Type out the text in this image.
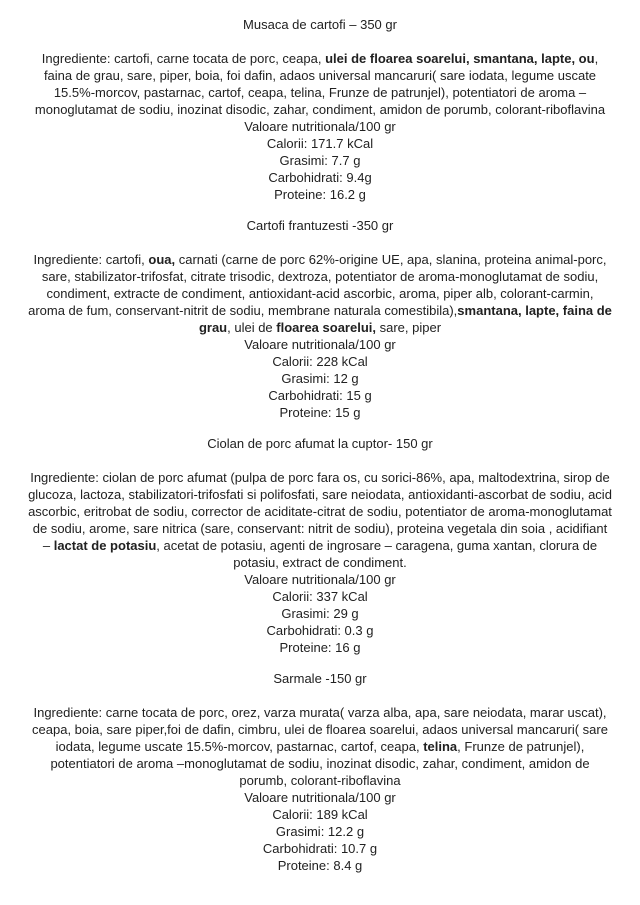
Musaca de cartofi – 350 gr

Ingrediente: cartofi, carne tocata de porc, ceapa, ulei de floarea soarelui, smantana, lapte, ou, faina de grau, sare, piper, boia, foi dafin, adaos universal mancaruri( sare iodata, legume uscate 15.5%-morcov, pastarnac, cartof, ceapa, telina, Frunze de patrunjel), potentiatori de aroma – monoglutamat de sodiu, inozinat disodic, zahar, condiment, amidon de porumb, colorant-riboflavina

Valoare nutritionala/100 gr

Calorii: 171.7 kCal

Grasimi: 7.7 g

Carbohidrati: 9.4g

Proteine: 16.2 g

Cartofi frantuzesti -350 gr

Ingrediente: cartofi, oua, carnati (carne de porc 62%-origine UE, apa, slanina, proteina animal-porc, sare, stabilizator-trifosfat, citrate trisodic, dextroza, potentiator de aroma-monoglutamat de sodiu, condiment, extracte de condiment, antioxidant-acid ascorbic, aroma, piper alb, colorant-carmin, aroma de fum, conservant-nitrit de sodiu, membrane naturala comestibila),smantana, lapte, faina de grau, ulei de floarea soarelui, sare, piper

Valoare nutritionala/100 gr

Calorii: 228 kCal

Grasimi: 12 g

Carbohidrati: 15 g

Proteine: 15 g

Ciolan de porc afumat la cuptor- 150 gr

Ingrediente: ciolan de porc afumat (pulpa de porc fara os, cu sorici-86%, apa, maltodextrina, sirop de glucoza, lactoza, stabilizatori-trifosfati si polifosfati, sare neiodata, antioxidanti-ascorbat de sodiu, acid ascorbic, eritrobat de sodiu, corrector de aciditate-citrat de sodiu, potentiator de aroma-monoglutamat de sodiu, arome, sare nitrica (sare, conservant: nitrit de sodiu), proteina vegetala din soia , acidifiant – lactat de potasiu, acetat de potasiu, agenti de ingrosare – caragena, guma xantan, clorura de potasiu, extract de condiment.

Valoare nutritionala/100 gr

Calorii: 337 kCal

Grasimi: 29 g

Carbohidrati: 0.3 g

Proteine: 16 g

Sarmale -150 gr

Ingrediente: carne tocata de porc, orez, varza murata( varza alba, apa, sare neiodata, marar uscat), ceapa, boia, sare piper,foi de dafin, cimbru, ulei de floarea soarelui, adaos universal mancaruri( sare iodata, legume uscate 15.5%-morcov, pastarnac, cartof, ceapa, telina, Frunze de patrunjel), potentiatori de aroma –monoglutamat de sodiu, inozinat disodic, zahar, condiment, amidon de porumb, colorant-riboflavina

Valoare nutritionala/100 gr

Calorii: 189 kCal

Grasimi: 12.2 g

Carbohidrati: 10.7 g

Proteine: 8.4 g
